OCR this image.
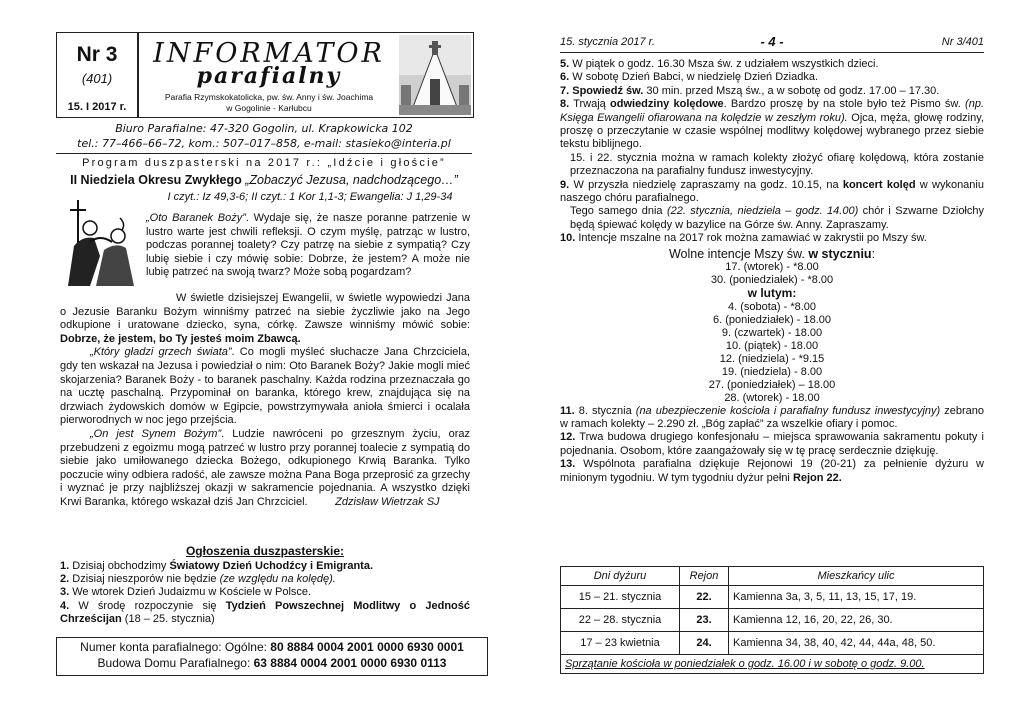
Nr 3
(401)
15. I 2017 r.
INFORMATOR
parafialny
Parafia Rzymskokatolicka, pw. św. Anny i św. Joachima
w Gogolinie - Karłubcu
Biuro Parafialne: 47-320 Gogolin, ul. Krapkowicka 102
tel.: 77–466–66–72, kom.: 507–017–858, e-mail: stasieko@interia.pl
Program duszpasterski na 2017 r.: „Idźcie i głoście”
II Niedziela Okresu Zwykłego „Zobaczyć Jezusa, nadchodzącego…”
I czyt.: Iz 49,3-6; II czyt.: 1 Kor 1,1-3; Ewangelia: J 1,29-34
„Oto Baranek Boży”. Wydaje się, że nasze poranne patrzenie w lustro warte jest chwili refleksji. O czym myślę, patrząc w lustro, podczas porannej toalety? Czy patrzę na siebie z sympatią? Czy lubię siebie i czy mówię sobie: Dobrze, że jestem? A może nie lubię patrzeć na swoją twarz? Może sobą pogardzam?
W świetle dzisiejszej Ewangelii, w świetle wypowiedzi Jana o Jezusie Baranku Bożym winniśmy patrzeć na siebie życzliwie jako na Jego odkupione i uratowane dziecko, syna, córkę. Zawsze winniśmy mówić sobie: Dobrze, że jestem, bo Ty jesteś moim Zbawcą.
„Który gładzi grzech świata”. Co mogli myśleć słuchacze Jana Chrzciciela, gdy ten wskazał na Jezusa i powiedział o nim: Oto Baranek Boży? Jakie mogli mieć skojarzenia? Baranek Boży - to baranek paschalny. Każda rodzina przeznaczała go na ucztę paschalną. Przypominał on baranka, którego krew, znajdująca się na drzwiach żydowskich domów w Egipcie, powstrzymywała anioła śmierci i ocalała pierworodnych w noc jego przejścia.
„On jest Synem Bożym”. Ludzie nawróceni po grzesznym życiu, oraz przebudzeni z egoizmu mogą patrzeć w lustro przy porannej toalecie z sympatią do siebie jako umiłowanego dziecka Bożego, odkupionego Krwią Baranka. Tylko poczucie winy odbiera radość, ale zawsze można Pana Boga przeprosić za grzechy i wyznać je przy najbliższej okazji w sakramencie pojednania. A wszystko dzięki Krwi Baranka, którego wskazał dziś Jan Chrzciciel.	Zdzisław Wietrzak SJ
Ogłoszenia duszpasterskie:
1. Dzisiaj obchodzimy Światowy Dzień Uchodźcy i Emigranta.
2. Dzisiaj nieszporów nie będzie (ze względu na kolędę).
3. We wtorek Dzień Judaizmu w Kościele w Polsce.
4. W środę rozpoczynie się Tydzień Powszechnej Modlitwy o Jedność Chrześcijan (18 – 25. stycznia)
Numer konta parafialnego: Ogólne: 80 8884 0004 2001 0000 6930 0001
Budowa Domu Parafialnego: 63 8884 0004 2001 0000 6930 0113
15. stycznia 2017 r.	- 4 -	Nr 3/401
5. W piątek o godz. 16.30 Msza św. z udziałem wszystkich dzieci.
6. W sobotę Dzień Babci, w niedzielę Dzień Dziadka.
7. Spowiedź św. 30 min. przed Mszą św., a w sobotę od godz. 17.00 – 17.30.
8. Trwają odwiedziny kolędowe. Bardzo proszę by na stole było też Pismo św. (np. Księga Ewangelii ofiarowana na kolędzie w zeszłym roku). Ojca, męża, głowę rodziny, proszę o przeczytanie w czasie wspólnej modlitwy kolędowej wybranego przez siebie tekstu biblijnego.
15. i 22. stycznia można w ramach kolekty złożyć ofiarę kolędową, która zostanie przeznaczona na parafialny fundusz inwestycyjny.
9. W przyszła niedzielę zapraszamy na godz. 10.15, na koncert kolęd w wykonaniu naszego chóru parafialnego.
Tego samego dnia (22. stycznia, niedziela – godz. 14.00) chór i Szwarne Dziołchy będą śpiewać kolędy w bazylice na Górze św. Anny. Zapraszamy.
10. Intencje mszalne na 2017 rok można zamawiać w zakrystii po Mszy św.
Wolne intencje Mszy św. w styczniu:
17. (wtorek) - *8.00
30. (poniedziałek) - *8.00
w lutym:
4. (sobota) - *8.00
6. (poniedziałek) - 18.00
9. (czwartek) - 18.00
10. (piątek) - 18.00
12. (niedziela) - *9.15
19. (niedziela) - 8.00
27. (poniedziałek) – 18.00
28. (wtorek) - 18.00
11. 8. stycznia (na ubezpieczenie kościoła i parafialny fundusz inwestycyjny) zebrano w ramach kolekty – 2.290 zł. „Bóg zapłać” za wszelkie ofiary i pomoc.
12. Trwa budowa drugiego konfesjonału – miejsca sprawowania sakramentu pokuty i pojednania. Osobom, które zaangażowały się w tę pracę serdecznie dziękuję.
13. Wspólnota parafialna dziękuje Rejonowi 19 (20-21) za pełnienie dyżuru w minionym tygodniu. W tym tygodniu dyżur pełni Rejon 22.
Dni dyżuru	Rejon	Mieszkańcy ulic
15 – 21. stycznia	22.	Kamienna 3a, 3, 5, 11, 13, 15, 17, 19.
22 – 28. stycznia	23.	Kamienna 12, 16, 20, 22, 26, 30.
17 – 23 kwietnia	24.	Kamienna 34, 38, 40, 42, 44, 44a, 48, 50.
Sprzątanie kościoła w poniedziałek o godz. 16.00 i w sobotę o godz. 9.00.		
